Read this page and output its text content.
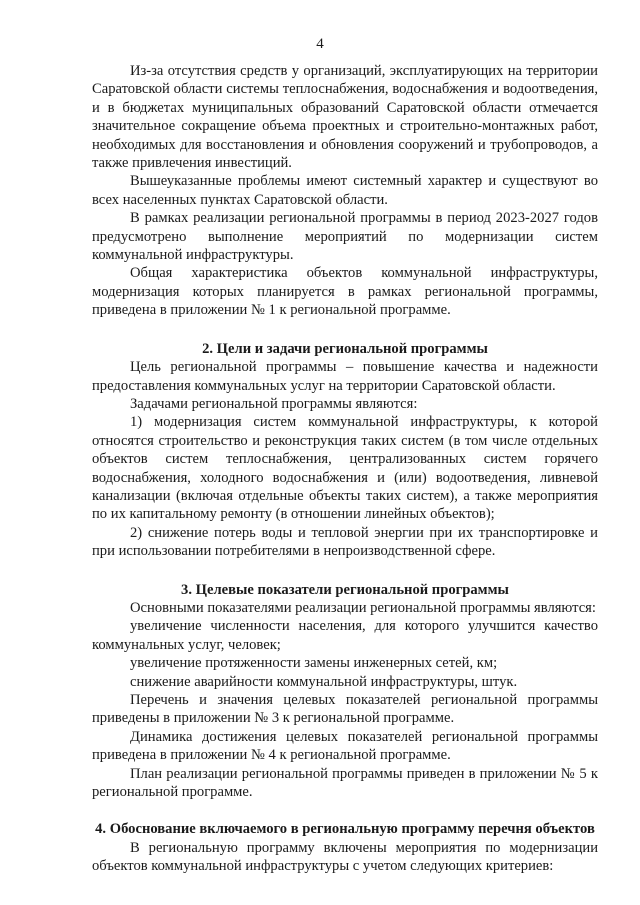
4

Из-за отсутствия средств у организаций, эксплуатирующих на территории Саратовской области системы теплоснабжения, водоснабжения и водоотведения, и в бюджетах муниципальных образований Саратовской области отмечается значительное сокращение объема проектных и строительно-монтажных работ, необходимых для восстановления и обновления сооружений и трубопроводов, а также привлечения инвестиций.

Вышеуказанные проблемы имеют системный характер и существуют во всех населенных пунктах Саратовской области.

В рамках реализации региональной программы в период 2023-2027 годов предусмотрено выполнение мероприятий по модернизации систем коммунальной инфраструктуры.

Общая характеристика объектов коммунальной инфраструктуры, модернизация которых планируется в рамках региональной программы, приведена в приложении № 1 к региональной программе.

2. Цели и задачи региональной программы

Цель региональной программы – повышение качества и надежности предоставления коммунальных услуг на территории Саратовской области.

Задачами региональной программы являются:

1) модернизация систем коммунальной инфраструктуры, к которой относятся строительство и реконструкция таких систем (в том числе отдельных объектов систем теплоснабжения, централизованных систем горячего водоснабжения, холодного водоснабжения и (или) водоотведения, ливневой канализации (включая отдельные объекты таких систем), а также мероприятия по их капитальному ремонту (в отношении линейных объектов);

2) снижение потерь воды и тепловой энергии при их транспортировке и при использовании потребителями в непроизводственной сфере.

3. Целевые показатели региональной программы

Основными показателями реализации региональной программы являются:

увеличение численности населения, для которого улучшится качество коммунальных услуг, человек;

увеличение протяженности замены инженерных сетей, км;

снижение аварийности коммунальной инфраструктуры, штук.

Перечень и значения целевых показателей региональной программы приведены в приложении № 3 к региональной программе.

Динамика достижения целевых показателей региональной программы приведена в приложении № 4 к региональной программе.

План реализации региональной программы приведен в приложении № 5 к региональной программе.

4. Обоснование включаемого в региональную программу перечня объектов

В региональную программу включены мероприятия по модернизации объектов коммунальной инфраструктуры с учетом следующих критериев:
